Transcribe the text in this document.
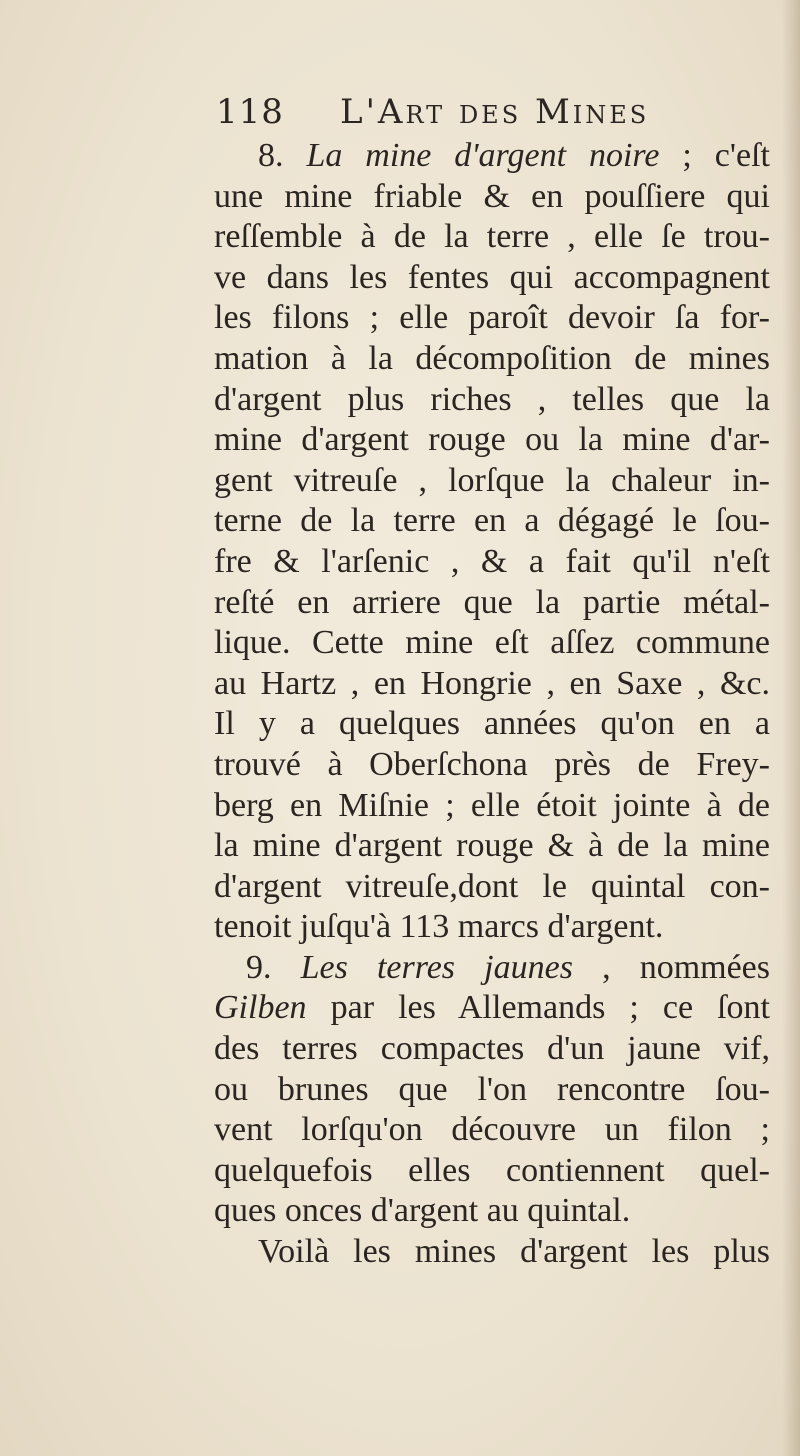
118 L'Art des Mines
8. La mine d'argent noire ; c'eſt
une mine friable & en pouſſiere qui
reſſemble à de la terre , elle ſe trou-
ve dans les fentes qui accompagnent
les filons ; elle paroît devoir ſa for-
mation à la décompoſition de mines
d'argent plus riches , telles que la
mine d'argent rouge ou la mine d'ar-
gent vitreuſe , lorſque la chaleur in-
terne de la terre en a dégagé le ſou-
fre & l'arſenic , & a fait qu'il n'eſt
reſté en arriere que la partie métal-
lique. Cette mine eſt aſſez commune
au Hartz , en Hongrie , en Saxe , &c.
Il y a quelques années qu'on en a
trouvé à Oberſchona près de Frey-
berg en Miſnie ; elle étoit jointe à de
la mine d'argent rouge & à de la mine
d'argent vitreuſe,dont le quintal con-
tenoit juſqu'à 113 marcs d'argent.
9. Les terres jaunes , nommées
Gilben par les Allemands ; ce ſont
des terres compactes d'un jaune vif,
ou brunes que l'on rencontre ſou-
vent lorſqu'on découvre un filon ;
quelquefois elles contiennent quel-
ques onces d'argent au quintal.
Voilà les mines d'argent les plus
